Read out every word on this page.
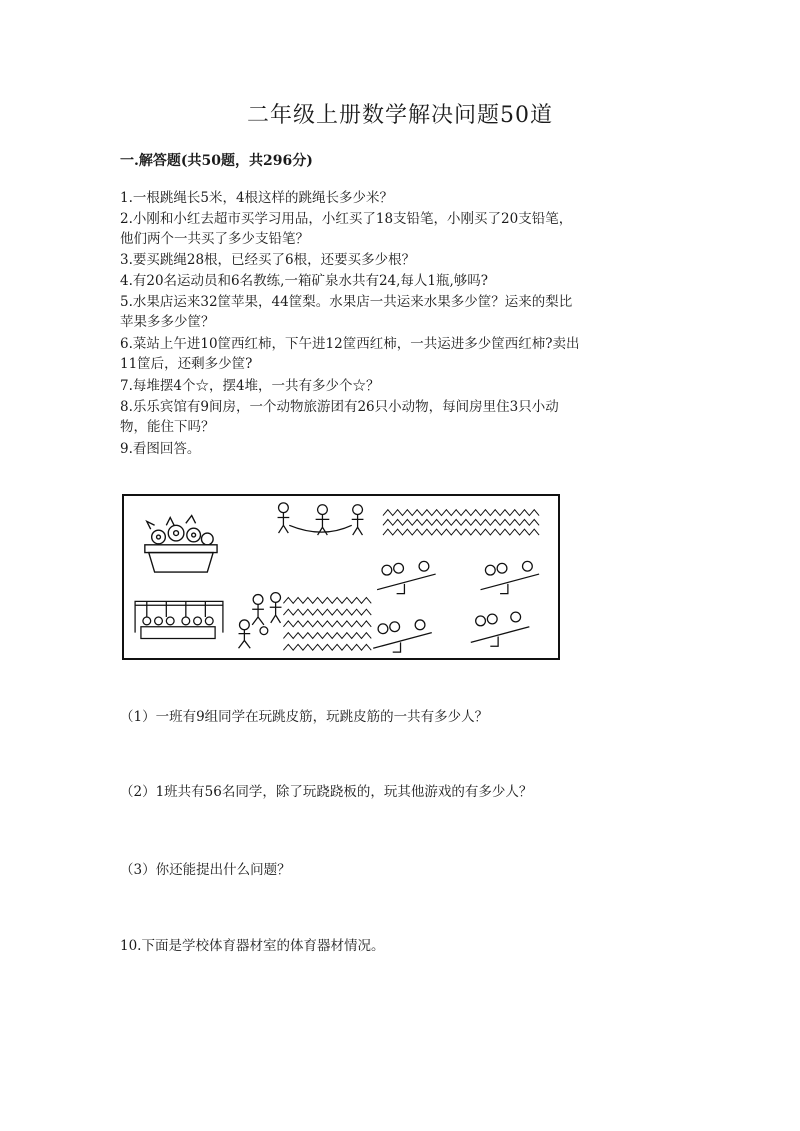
二年级上册数学解决问题50道

一.解答题(共50题，共296分)

1.一根跳绳长5米，4根这样的跳绳长多少米？

2.小刚和小红去超市买学习用品，小红买了18支铅笔，小刚买了20支铅笔，
他们两个一共买了多少支铅笔？

3.要买跳绳28根，已经买了6根，还要买多少根？

4.有20名运动员和6名教练,一箱矿泉水共有24,每人1瓶,够吗?

5.水果店运来32筐苹果，44筐梨。水果店一共运来水果多少筐？运来的梨比
苹果多多少筐？

6.菜站上午进10筐西红柿，下午进12筐西红柿，一共运进多少筐西红柿?卖出
11筐后，还剩多少筐?

7.每堆摆4个☆，摆4堆，一共有多少个☆？

8.乐乐宾馆有9间房，一个动物旅游团有26只小动物，每间房里住3只小动
物，能住下吗？

9.看图回答。

（1）一班有9组同学在玩跳皮筋，玩跳皮筋的一共有多少人？

（2）1班共有56名同学，除了玩跷跷板的，玩其他游戏的有多少人？

（3）你还能提出什么问题？

10.下面是学校体育器材室的体育器材情况。
